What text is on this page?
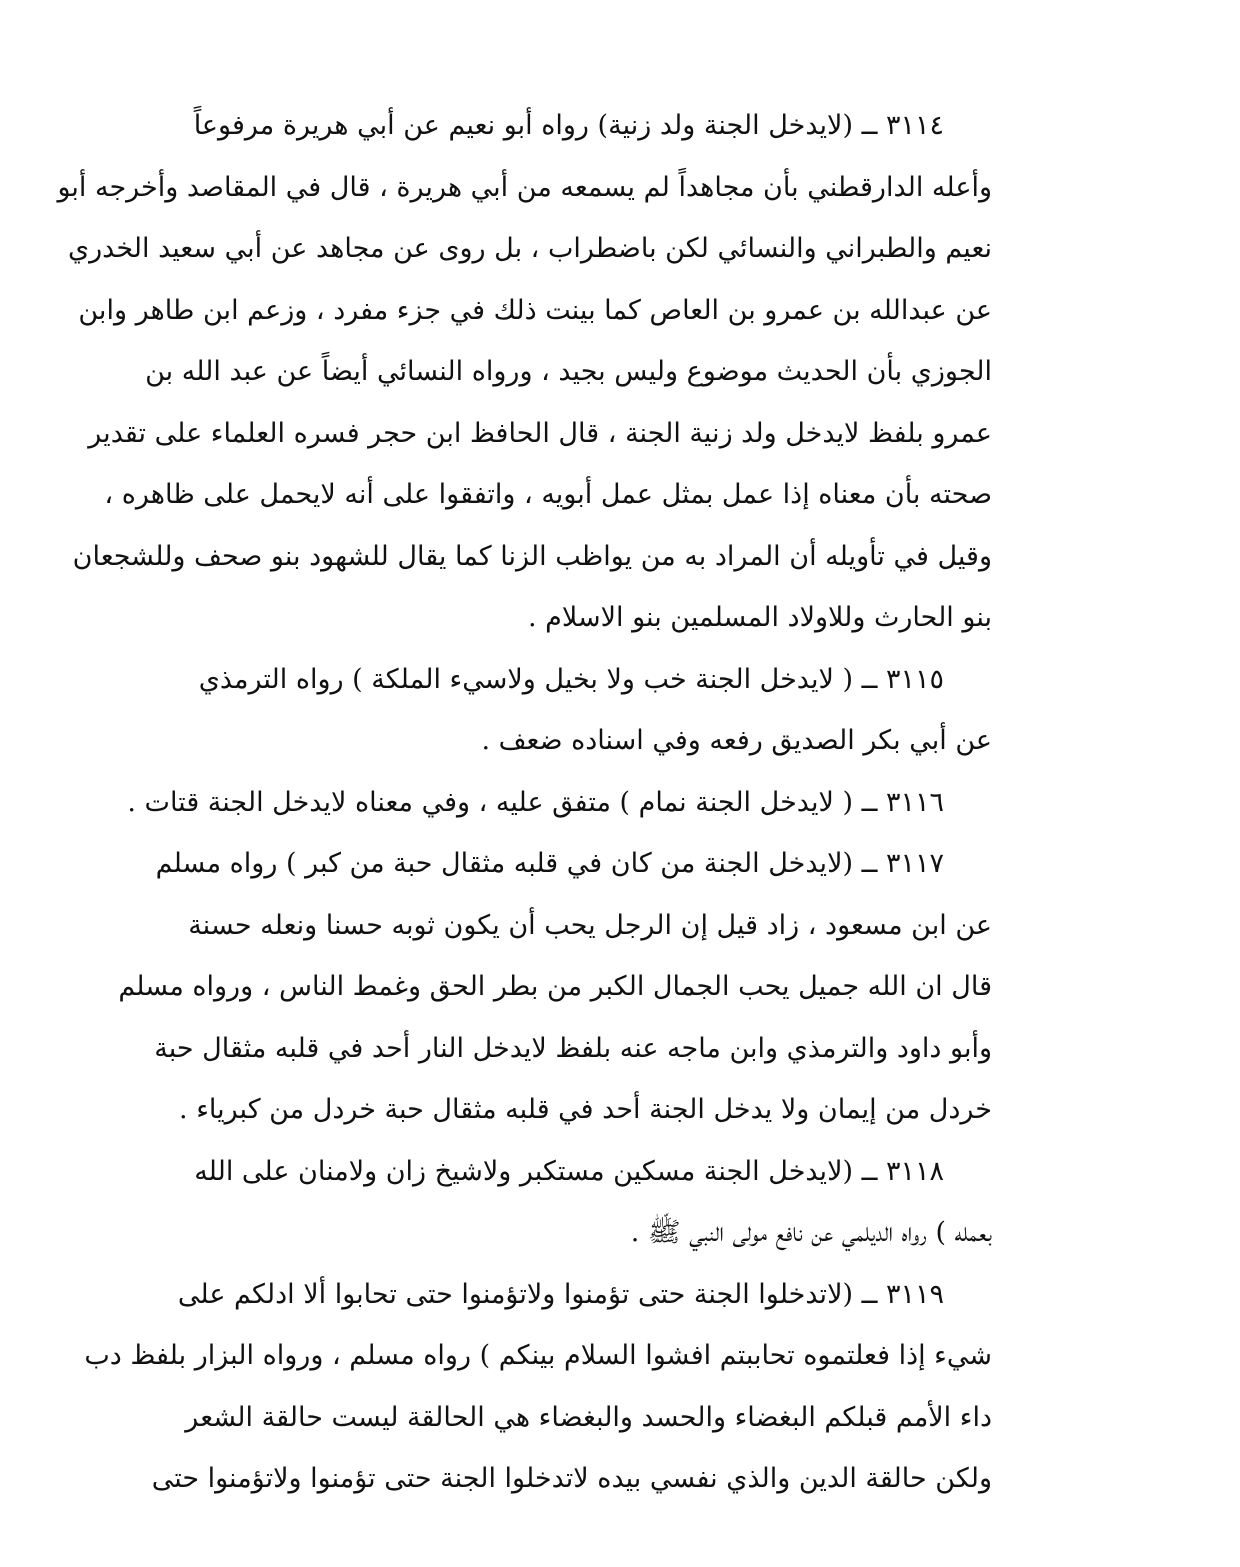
٣١١٤ ــ (لايدخل الجنة ولد زنية) رواه أبو نعيم عن أبي هريرة مرفوعاً
وأعله الدارقطني بأن مجاهداً لم يسمعه من أبي هريرة ، قال في المقاصد وأخرجه أبو
نعيم والطبراني والنسائي لكن باضطراب ، بل روى عن مجاهد عن أبي سعيد الخدري
عن عبدالله بن عمرو بن العاص كما بينت ذلك في جزء مفرد ، وزعم ابن طاهر وابن
الجوزي بأن الحديث موضوع وليس بجيد ، ورواه النسائي أيضاً عن عبد الله بن
عمرو بلفظ لايدخل ولد زنية الجنة ، قال الحافظ ابن حجر فسره العلماء على تقدير
صحته بأن معناه إذا عمل بمثل عمل أبويه ، واتفقوا على أنه لايحمل على ظاهره ،
وقيل في تأويله أن المراد به من يواظب الزنا كما يقال للشهود بنو صحف وللشجعان
بنو الحارث وللاولاد المسلمين بنو الاسلام .
٣١١٥ ــ ( لايدخل الجنة خب ولا بخيل ولاسيء الملكة ) رواه الترمذي
عن أبي بكر الصديق رفعه وفي اسناده ضعف .
٣١١٦ ــ ( لايدخل الجنة نمام ) متفق عليه ، وفي معناه لايدخل الجنة قتات .
٣١١٧ ــ (لايدخل الجنة من كان في قلبه مثقال حبة من كبر ) رواه مسلم
عن ابن مسعود ، زاد قيل إن الرجل يحب أن يكون ثوبه حسنا ونعله حسنة
قال ان الله جميل يحب الجمال الكبر من بطر الحق وغمط الناس ، ورواه مسلم
وأبو داود والترمذي وابن ماجه عنه بلفظ لايدخل النار أحد في قلبه مثقال حبة
خردل من إيمان ولا يدخل الجنة أحد في قلبه مثقال حبة خردل من كبرياء .
٣١١٨ ــ (لايدخل الجنة مسكين مستكبر ولاشيخ زان ولامنان على الله
بعمله ) رواه الديلمي عن نافع مولى النبي ﷺ .
٣١١٩ ــ (لاتدخلوا الجنة حتى تؤمنوا ولاتؤمنوا حتى تحابوا ألا ادلكم على
شيء إذا فعلتموه تحاببتم افشوا السلام بينكم ) رواه مسلم ، ورواه البزار بلفظ دب
داء الأمم قبلكم البغضاء والحسد والبغضاء هي الحالقة ليست حالقة الشعر
ولكن حالقة الدين والذي نفسي بيده لاتدخلوا الجنة حتى تؤمنوا ولاتؤمنوا حتى
